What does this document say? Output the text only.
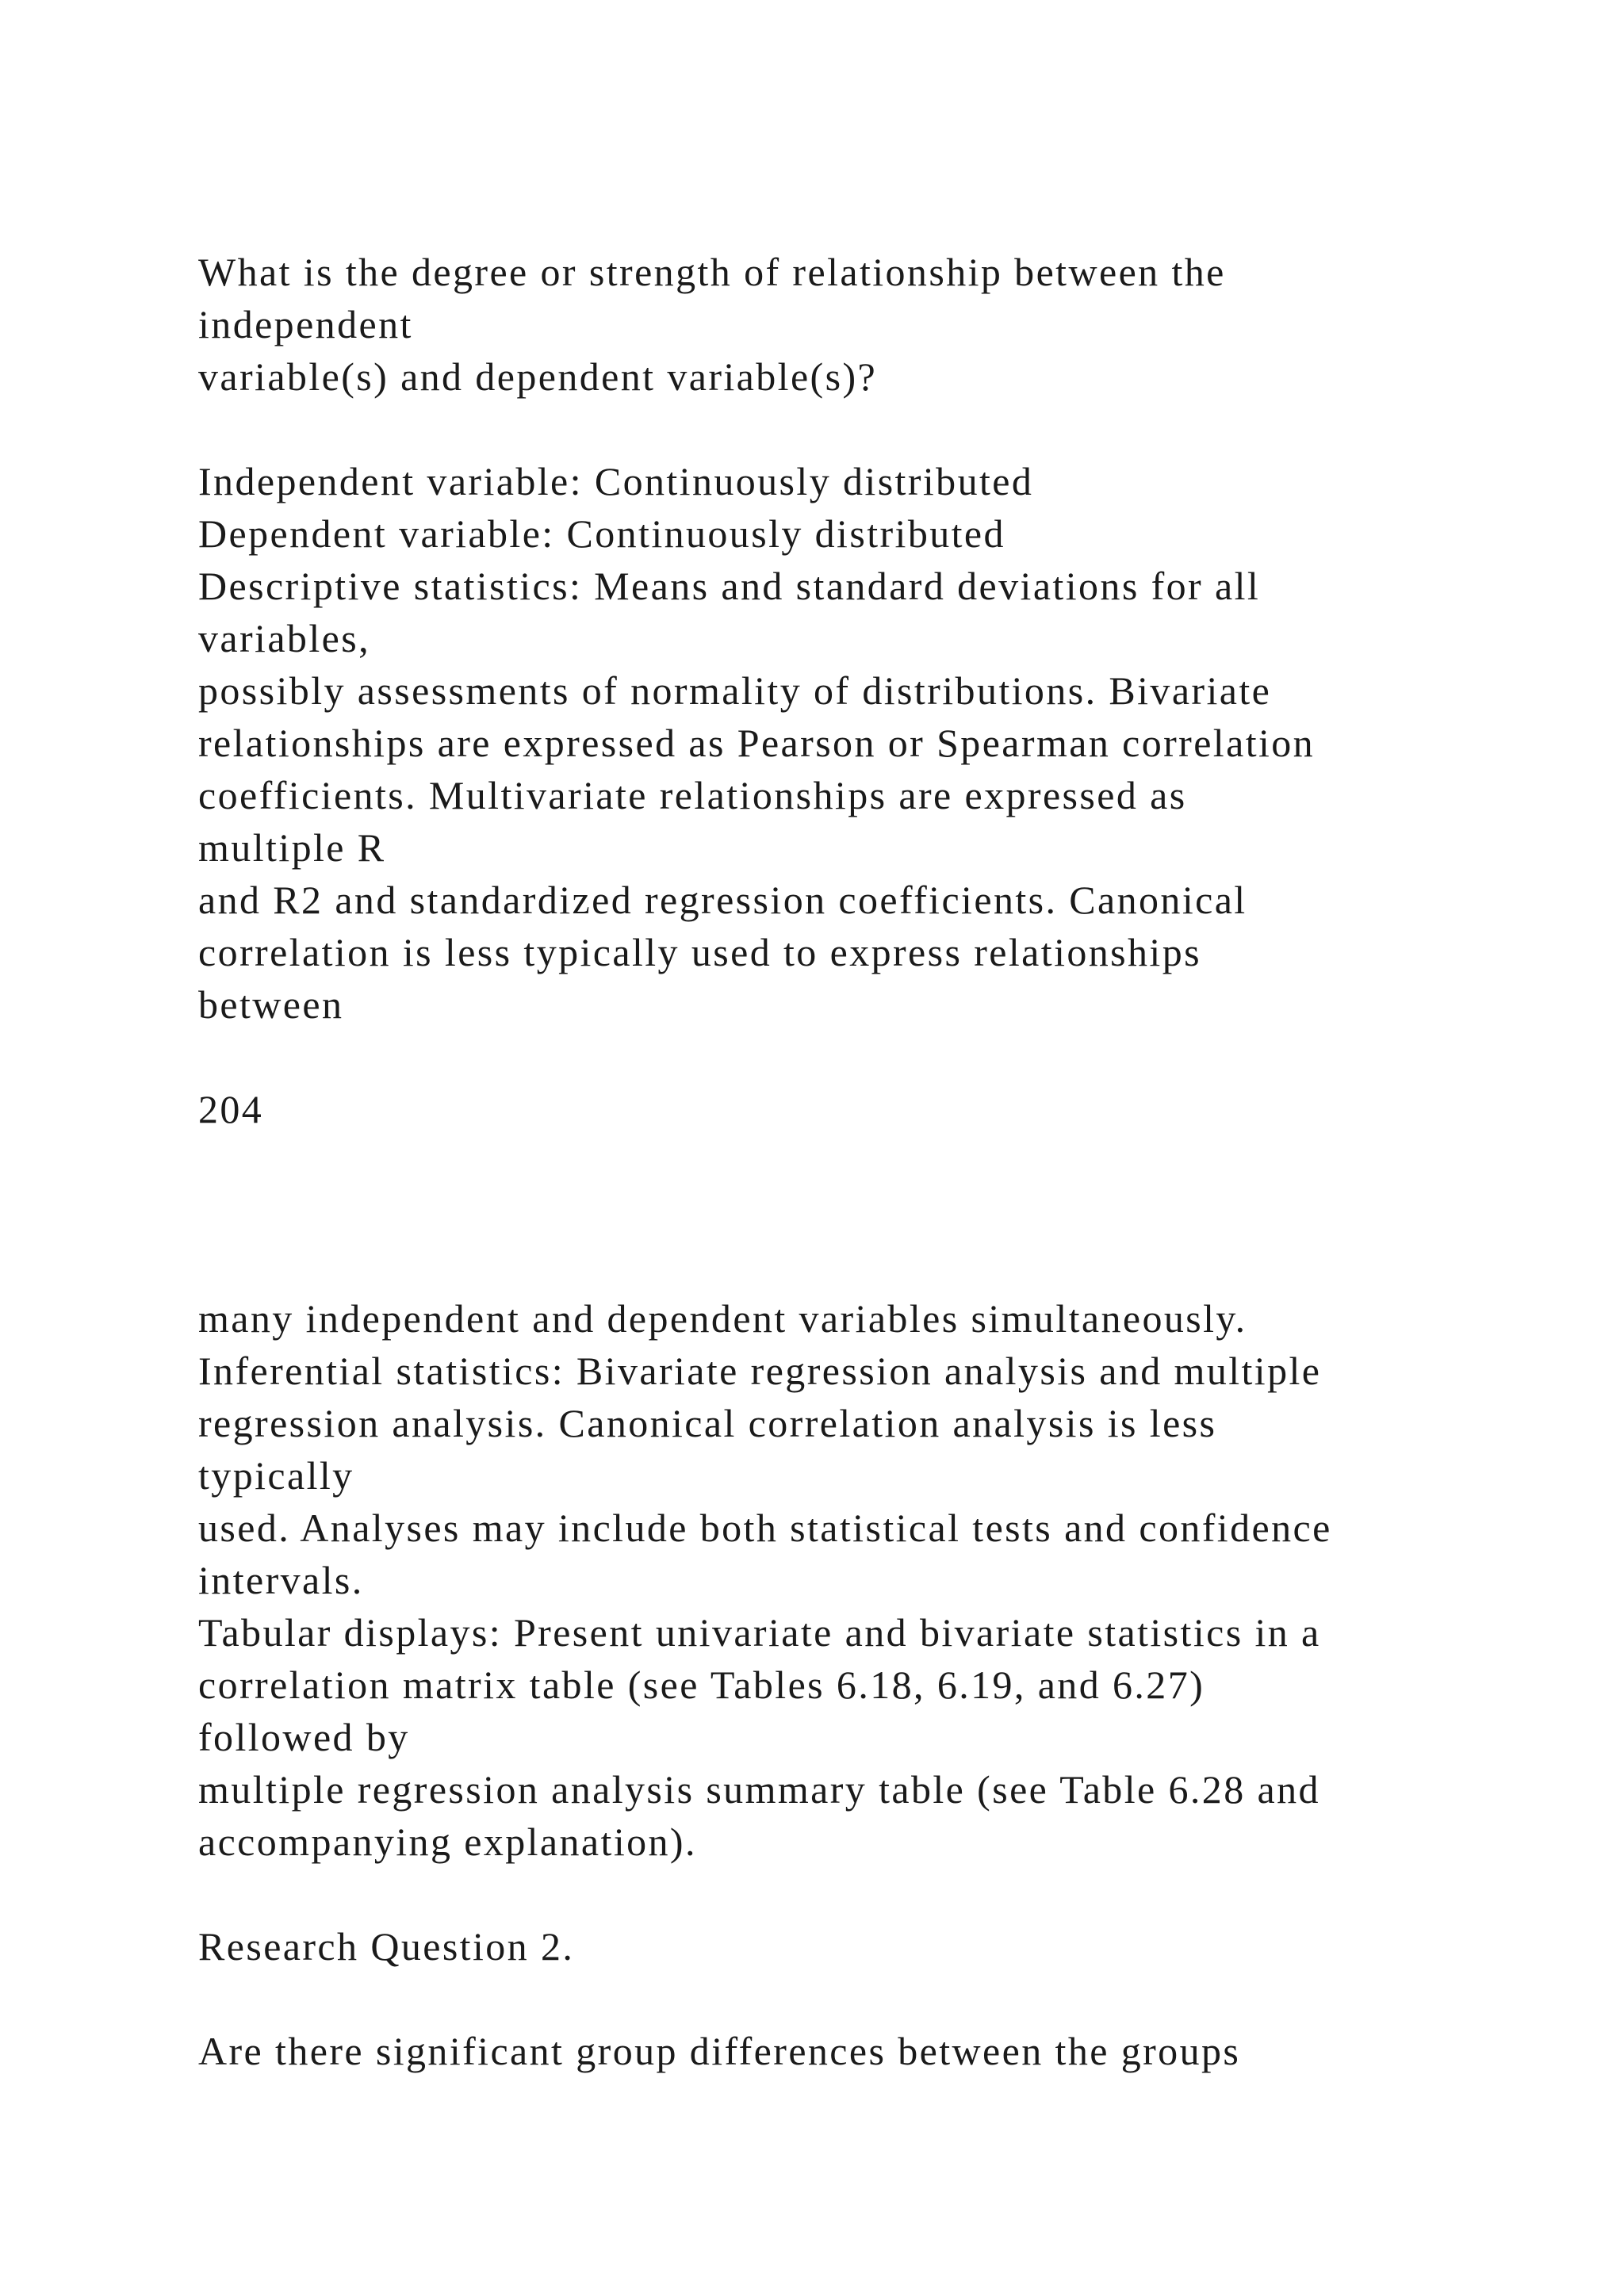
What is the degree or strength of relationship between the
independent
variable(s) and dependent variable(s)?
Independent variable: Continuously distributed
Dependent variable: Continuously distributed
Descriptive statistics: Means and standard deviations for all
variables,
possibly assessments of normality of distributions. Bivariate
relationships are expressed as Pearson or Spearman correlation
coefficients. Multivariate relationships are expressed as
multiple R
and R2 and standardized regression coefficients. Canonical
correlation is less typically used to express relationships
between
204
many independent and dependent variables simultaneously.
Inferential statistics: Bivariate regression analysis and multiple
regression analysis. Canonical correlation analysis is less
typically
used. Analyses may include both statistical tests and confidence
intervals.
Tabular displays: Present univariate and bivariate statistics in a
correlation matrix table (see Tables 6.18, 6.19, and 6.27)
followed by
multiple regression analysis summary table (see Table 6.28 and
accompanying explanation).
Research Question 2.
Are there significant group differences between the groups
